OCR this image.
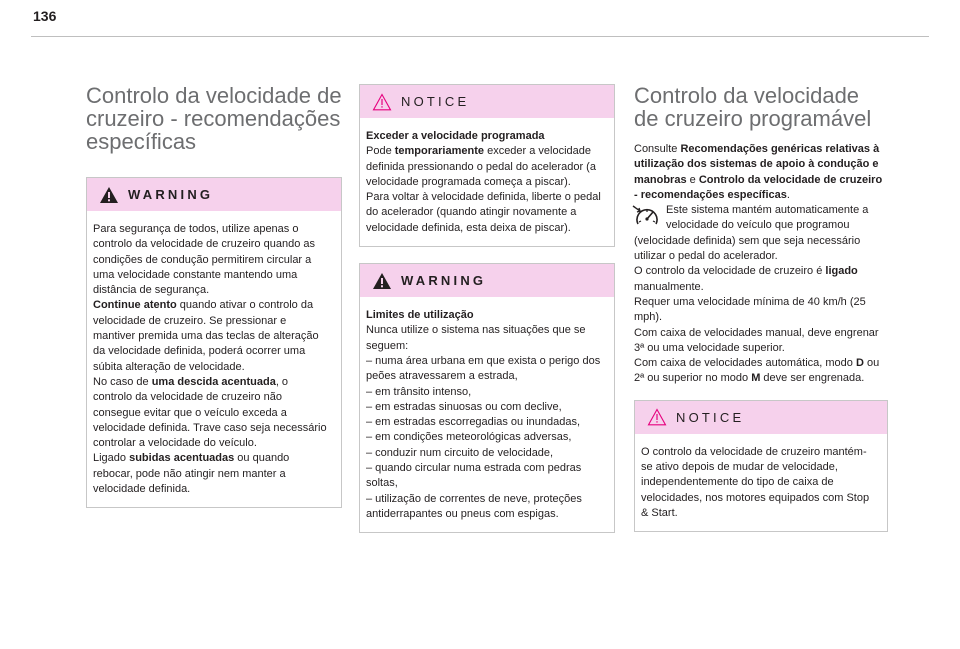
136
Controlo da velocidade de cruzeiro - recomendações específicas
WARNING

Para segurança de todos, utilize apenas o controlo da velocidade de cruzeiro quando as condições de condução permitirem circular a uma velocidade constante mantendo uma distância de segurança.

Continue atento quando ativar o controlo da velocidade de cruzeiro. Se pressionar e mantiver premida uma das teclas de alteração da velocidade definida, poderá ocorrer uma súbita alteração de velocidade.

No caso de uma descida acentuada, o controlo da velocidade de cruzeiro não consegue evitar que o veículo exceda a velocidade definida. Trave caso seja necessário controlar a velocidade do veículo.

Ligado subidas acentuadas ou quando rebocar, pode não atingir nem manter a velocidade definida.

NOTICE

Exceder a velocidade programada

Pode temporariamente exceder a velocidade definida pressionando o pedal do acelerador (a velocidade programada começa a piscar).

Para voltar à velocidade definida, liberte o pedal do acelerador (quando atingir novamente a velocidade definida, esta deixa de piscar).

WARNING

Limites de utilização

Nunca utilize o sistema nas situações que se seguem:

– numa área urbana em que exista o perigo dos peões atravessarem a estrada,

– em trânsito intenso,

– em estradas sinuosas ou com declive,

– em estradas escorregadias ou inundadas,

– em condições meteorológicas adversas,

– conduzir num circuito de velocidade,

– quando circular numa estrada com pedras soltas,

– utilização de correntes de neve, proteções antiderrapantes ou pneus com espigas.

Controlo da velocidade de cruzeiro programável

Consulte Recomendações genéricas relativas à utilização dos sistemas de apoio à condução e manobras e Controlo da velocidade de cruzeiro - recomendações específicas.

Este sistema mantém automaticamente a velocidade do veículo que programou (velocidade definida) sem que seja necessário utilizar o pedal do acelerador.

O controlo da velocidade de cruzeiro é ligado manualmente.

Requer uma velocidade mínima de 40 km/h (25 mph).

Com caixa de velocidades manual, deve engrenar 3ª ou uma velocidade superior.

Com caixa de velocidades automática, modo D ou 2ª ou superior no modo M deve ser engrenada.

NOTICE

O controlo da velocidade de cruzeiro mantém-se ativo depois de mudar de velocidade, independentemente do tipo de caixa de velocidades, nos motores equipados com Stop & Start.
